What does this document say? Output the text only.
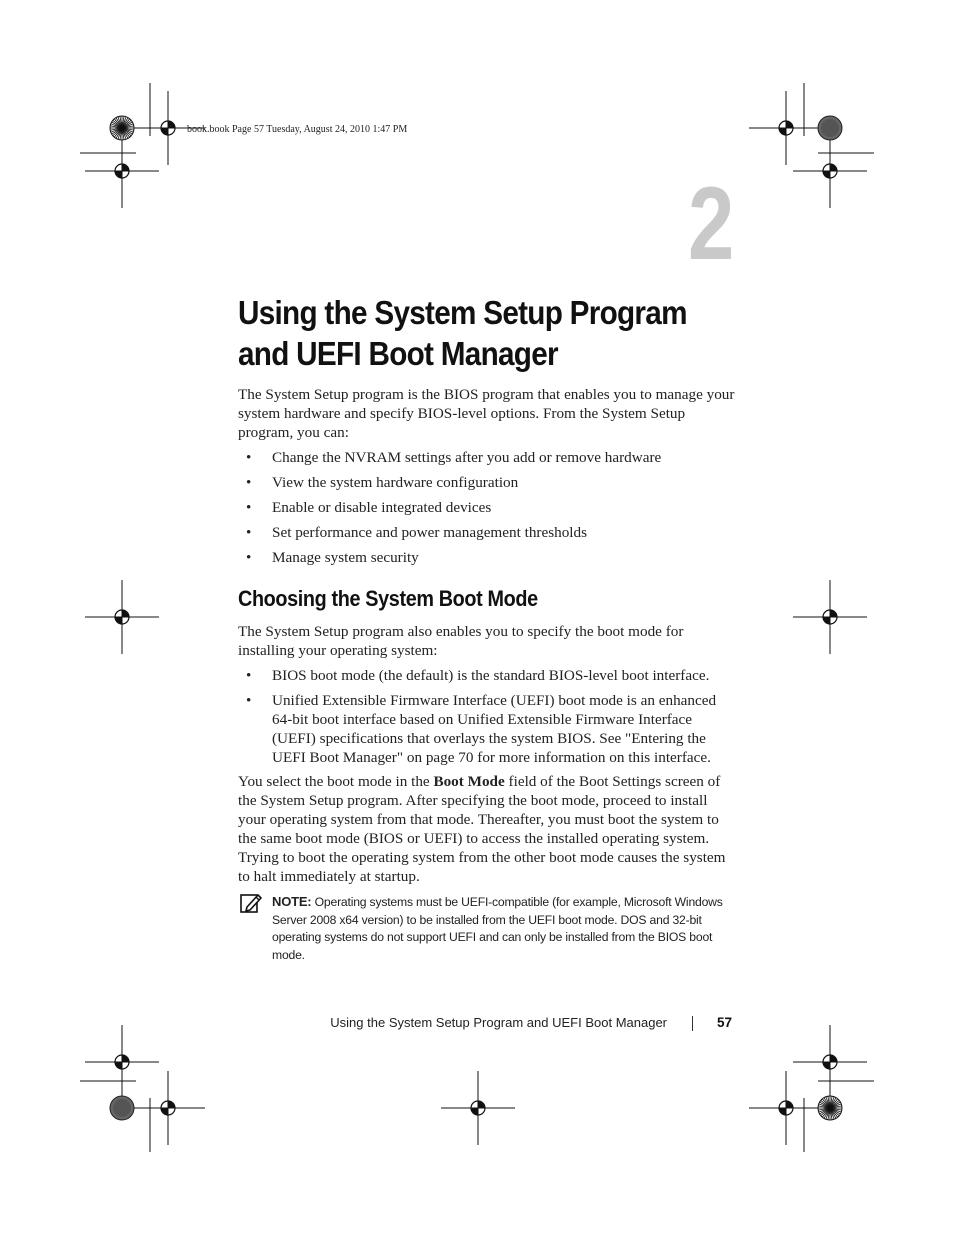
book.book Page 57 Tuesday, August 24, 2010 1:47 PM
2
Using the System Setup Program
and UEFI Boot Manager
The System Setup program is the BIOS program that enables you to manage your system hardware and specify BIOS-level options. From the System Setup program, you can:
• Change the NVRAM settings after you add or remove hardware
• View the system hardware configuration
• Enable or disable integrated devices
• Set performance and power management thresholds
• Manage system security
Choosing the System Boot Mode
The System Setup program also enables you to specify the boot mode for installing your operating system:
• BIOS boot mode (the default) is the standard BIOS-level boot interface.
• Unified Extensible Firmware Interface (UEFI) boot mode is an enhanced 64-bit boot interface based on Unified Extensible Firmware Interface (UEFI) specifications that overlays the system BIOS. See "Entering the UEFI Boot Manager" on page 70 for more information on this interface.
You select the boot mode in the Boot Mode field of the Boot Settings screen of the System Setup program. After specifying the boot mode, proceed to install your operating system from that mode. Thereafter, you must boot the system to the same boot mode (BIOS or UEFI) to access the installed operating system. Trying to boot the operating system from the other boot mode causes the system to halt immediately at startup.
NOTE: Operating systems must be UEFI-compatible (for example, Microsoft Windows Server 2008 x64 version) to be installed from the UEFI boot mode. DOS and 32-bit operating systems do not support UEFI and can only be installed from the BIOS boot mode.
Using the System Setup Program and UEFI Boot Manager	57
